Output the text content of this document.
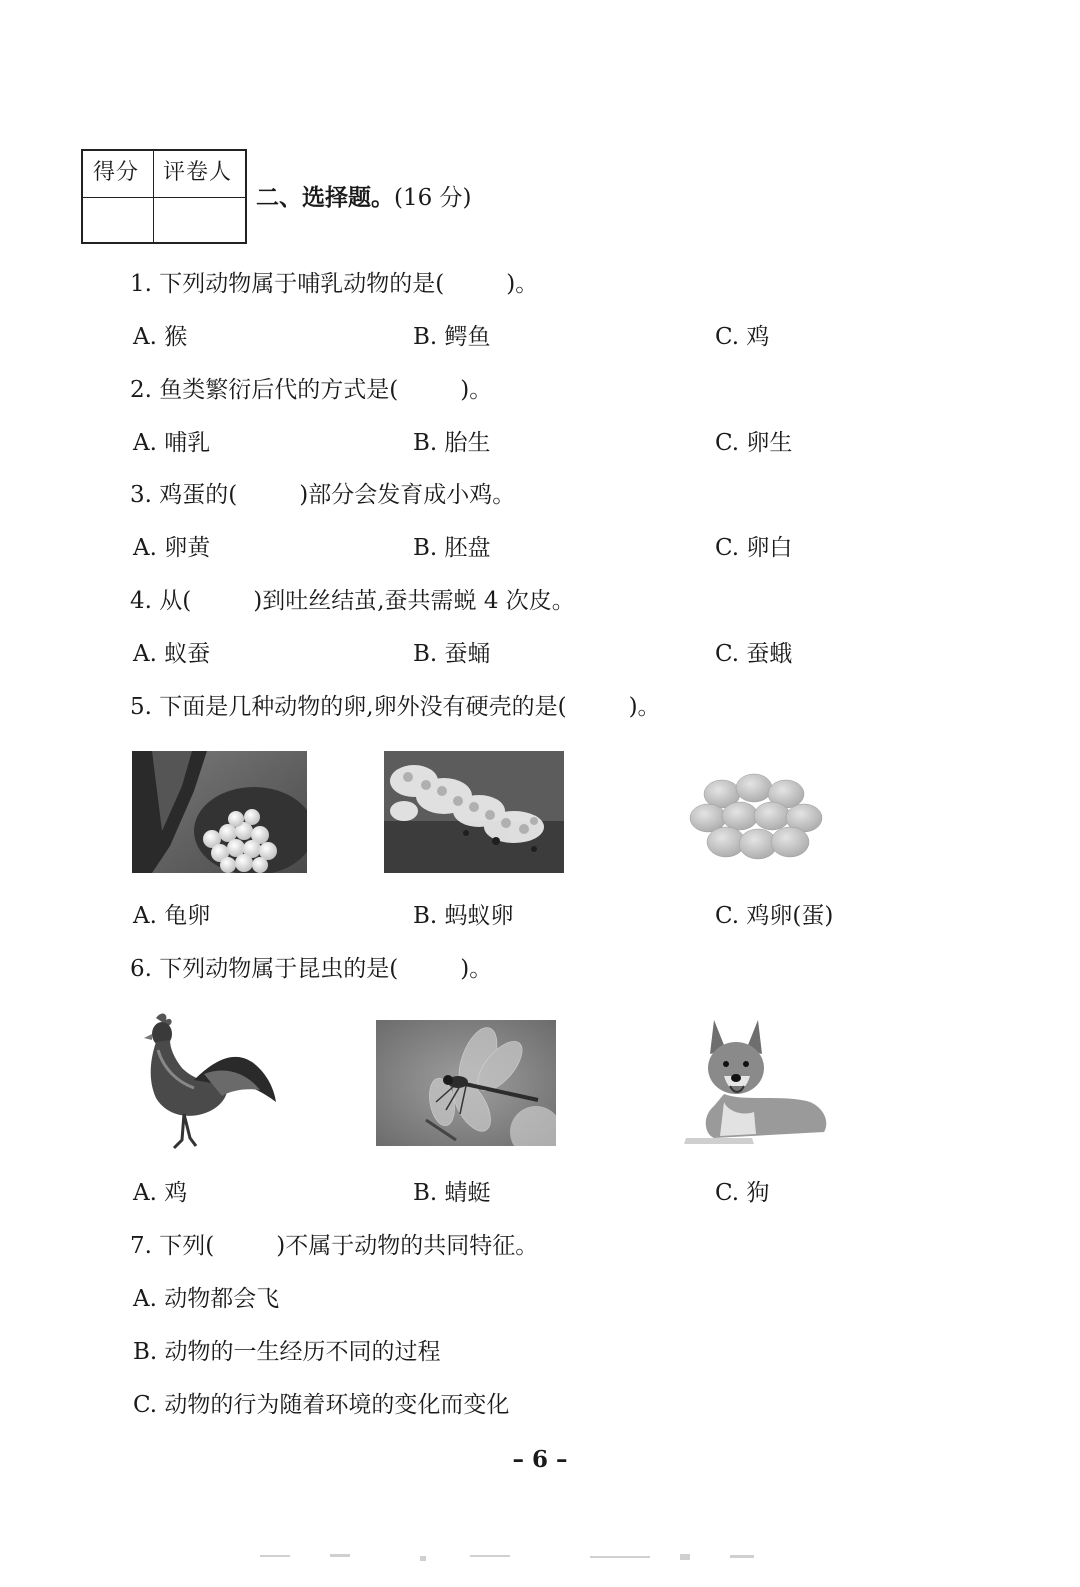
得分 评卷人
二、选择题。(16 分)
1. 下列动物属于哺乳动物的是(	)。
A. 猴	B. 鳄鱼	C. 鸡
2. 鱼类繁衍后代的方式是(	)。
A. 哺乳	B. 胎生	C. 卵生
3. 鸡蛋的(	)部分会发育成小鸡。
A. 卵黄	B. 胚盘	C. 卵白
4. 从(	)到吐丝结茧,蚕共需蜕 4 次皮。
A. 蚁蚕	B. 蚕蛹	C. 蚕蛾
5. 下面是几种动物的卵,卵外没有硬壳的是(	)。
A. 龟卵	B. 蚂蚁卵	C. 鸡卵(蛋)
6. 下列动物属于昆虫的是(	)。
A. 鸡	B. 蜻蜓	C. 狗
7. 下列(	)不属于动物的共同特征。
A. 动物都会飞
B. 动物的一生经历不同的过程
C. 动物的行为随着环境的变化而变化
– 6 –
